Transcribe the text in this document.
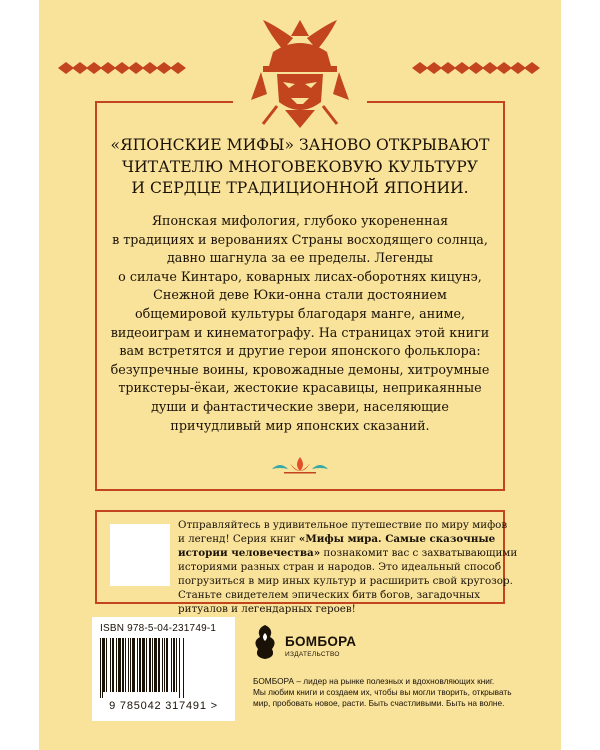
«ЯПОНСКИЕ МИФЫ» ЗАНОВО ОТКРЫВАЮТ
ЧИТАТЕЛЮ МНОГОВЕКОВУЮ КУЛЬТУРУ
И СЕРДЦЕ ТРАДИЦИОННОЙ ЯПОНИИ.
Японская мифология, глубоко укорененная
в традициях и верованиях Страны восходящего солнца,
давно шагнула за ее пределы. Легенды
о силаче Кинтаро, коварных лисах-оборотнях кицунэ,
Снежной деве Юки-онна стали достоянием
общемировой культуры благодаря манге, аниме,
видеоиграм и кинематографу. На страницах этой книги
вам встретятся и другие герои японского фольклора:
безупречные воины, кровожадные демоны, хитроумные
трикстеры-ёкаи, жестокие красавицы, неприкаянные
души и фантастические звери, населяющие
причудливый мир японских сказаний.
Отправляйтесь в удивительное путешествие по миру мифов
и легенд! Серия книг «Мифы мира. Самые сказочные
истории человечества» познакомит вас с захватывающими
историями разных стран и народов. Это идеальный способ
погрузиться в мир иных культур и расширить свой кругозор.
Станьте свидетелем эпических битв богов, загадочных
ритуалов и легендарных героев!
ISBN 978-5-04-231749-1
9 785042 317491 >
БОМБОРА
ИЗДАТЕЛЬСТВО
БОМБОРА – лидер на рынке полезных и вдохновляющих книг.
Мы любим книги и создаем их, чтобы вы могли творить, открывать
мир, пробовать новое, расти. Быть счастливыми. Быть на волне.
